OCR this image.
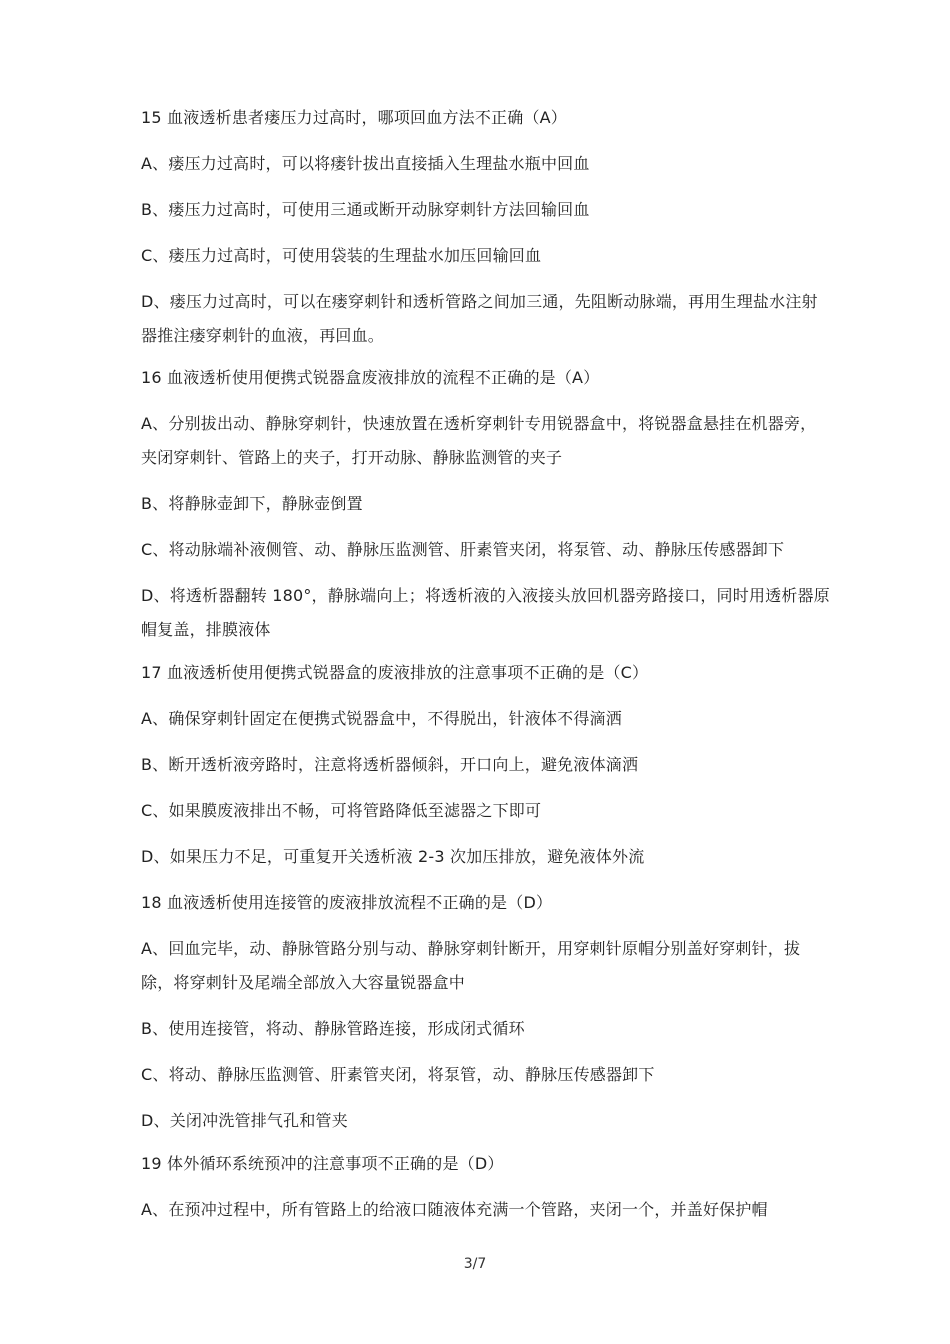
15 血液透析患者瘘压力过高时，哪项回血方法不正确（A）

A、瘘压力过高时，可以将瘘针拔出直接插入生理盐水瓶中回血

B、瘘压力过高时，可使用三通或断开动脉穿刺针方法回输回血

C、瘘压力过高时，可使用袋装的生理盐水加压回输回血

D、瘘压力过高时，可以在瘘穿刺针和透析管路之间加三通，先阻断动脉端，再用生理盐水注射器推注瘘穿刺针的血液，再回血。

16 血液透析使用便携式锐器盒废液排放的流程不正确的是（A）

A、分别拔出动、静脉穿刺针，快速放置在透析穿刺针专用锐器盒中，将锐器盒悬挂在机器旁，夹闭穿刺针、管路上的夹子，打开动脉、静脉监测管的夹子

B、将静脉壶卸下，静脉壶倒置

C、将动脉端补液侧管、动、静脉压监测管、肝素管夹闭，将泵管、动、静脉压传感器卸下

D、将透析器翻转 180°，静脉端向上；将透析液的入液接头放回机器旁路接口，同时用透析器原帽复盖，排膜液体

17 血液透析使用便携式锐器盒的废液排放的注意事项不正确的是（C）

A、确保穿刺针固定在便携式锐器盒中，不得脱出，针液体不得滴洒

B、断开透析液旁路时，注意将透析器倾斜，开口向上，避免液体滴洒

C、如果膜废液排出不畅，可将管路降低至滤器之下即可

D、如果压力不足，可重复开关透析液 2-3 次加压排放，避免液体外流

18 血液透析使用连接管的废液排放流程不正确的是（D）

A、回血完毕，动、静脉管路分别与动、静脉穿刺针断开，用穿刺针原帽分别盖好穿刺针，拔除，将穿刺针及尾端全部放入大容量锐器盒中

B、使用连接管，将动、静脉管路连接，形成闭式循环

C、将动、静脉压监测管、肝素管夹闭，将泵管，动、静脉压传感器卸下

D、关闭冲洗管排气孔和管夹

19 体外循环系统预冲的注意事项不正确的是（D）

A、在预冲过程中，所有管路上的给液口随液体充满一个管路，夹闭一个，并盖好保护帽

3/7
